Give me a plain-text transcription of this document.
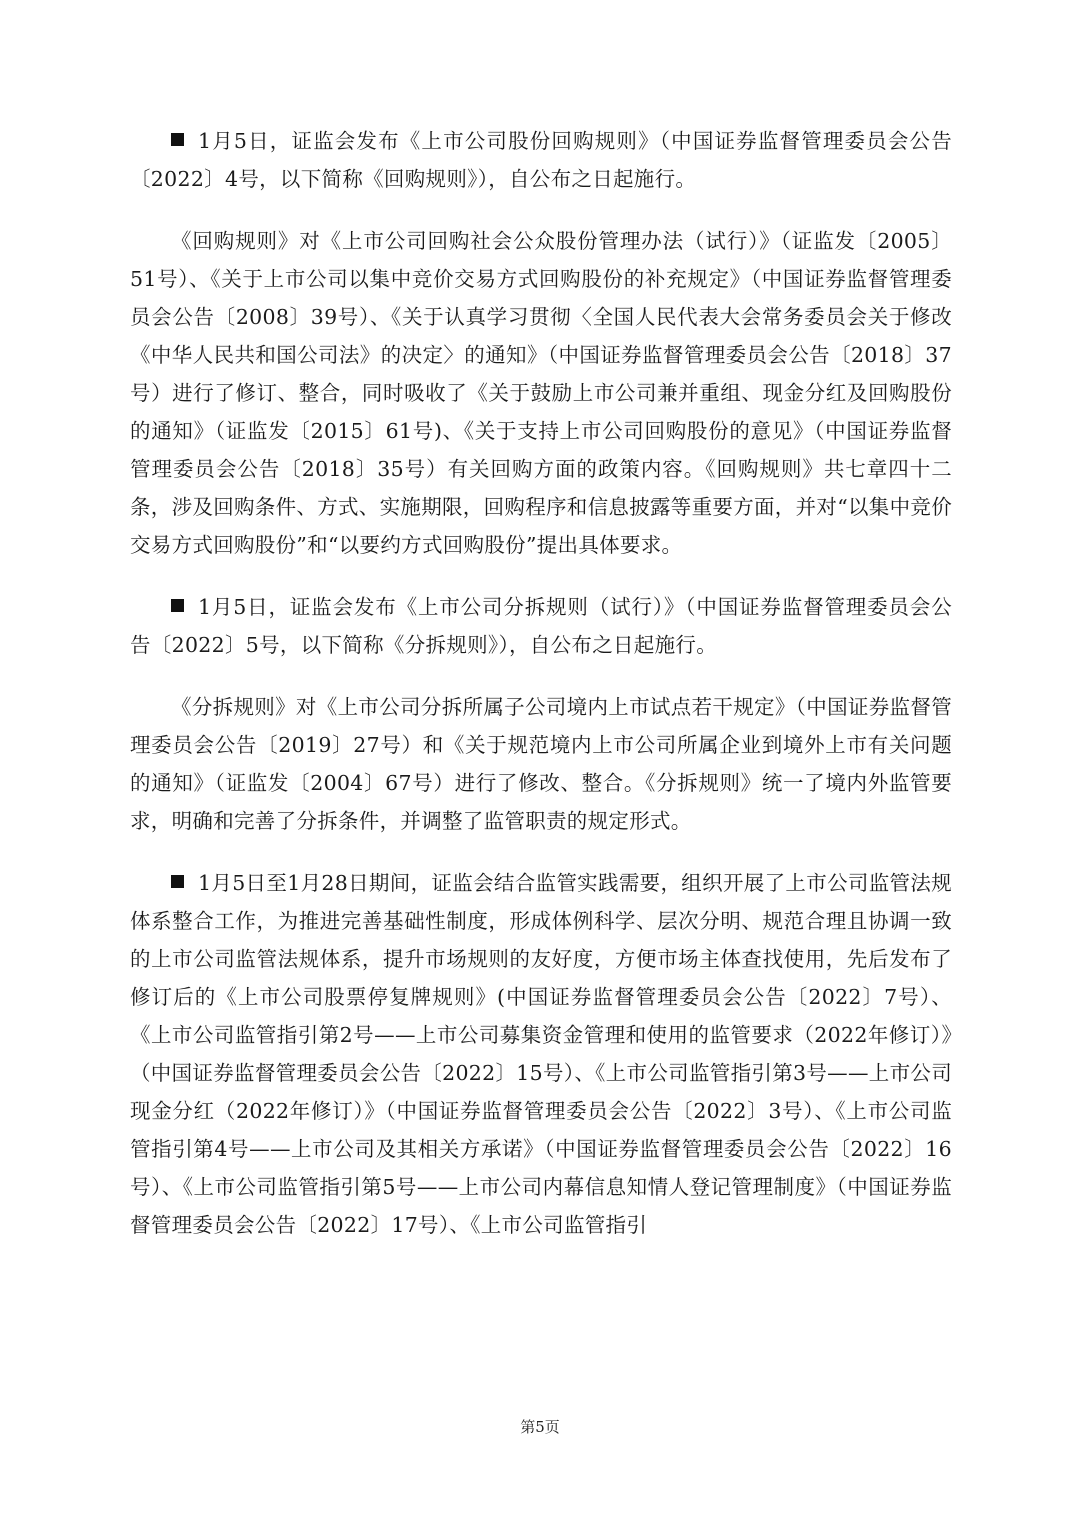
1月5日，证监会发布《上市公司股份回购规则》（中国证券监督管理委员会公告〔2022〕4号，以下简称《回购规则》），自公布之日起施行。

《回购规则》对《上市公司回购社会公众股份管理办法（试行）》（证监发〔2005〕51号）、《关于上市公司以集中竞价交易方式回购股份的补充规定》（中国证券监督管理委员会公告〔2008〕39号）、《关于认真学习贯彻〈全国人民代表大会常务委员会关于修改《中华人民共和国公司法》的决定〉的通知》（中国证券监督管理委员会公告〔2018〕37号）进行了修订、整合，同时吸收了《关于鼓励上市公司兼并重组、现金分红及回购股份的通知》（证监发〔2015〕61号)、《关于支持上市公司回购股份的意见》（中国证券监督管理委员会公告〔2018〕35号）有关回购方面的政策内容。《回购规则》共七章四十二条，涉及回购条件、方式、实施期限，回购程序和信息披露等重要方面，并对“以集中竞价交易方式回购股份”和“以要约方式回购股份”提出具体要求。

1月5日，证监会发布《上市公司分拆规则（试行）》（中国证券监督管理委员会公告〔2022〕5号，以下简称《分拆规则》），自公布之日起施行。

《分拆规则》对《上市公司分拆所属子公司境内上市试点若干规定》（中国证券监督管理委员会公告〔2019〕27号）和《关于规范境内上市公司所属企业到境外上市有关问题的通知》（证监发〔2004〕67号）进行了修改、整合。《分拆规则》统一了境内外监管要求，明确和完善了分拆条件，并调整了监管职责的规定形式。

1月5日至1月28日期间，证监会结合监管实践需要，组织开展了上市公司监管法规体系整合工作，为推进完善基础性制度，形成体例科学、层次分明、规范合理且协调一致的上市公司监管法规体系，提升市场规则的友好度，方便市场主体查找使用，先后发布了修订后的《上市公司股票停复牌规则》(中国证券监督管理委员会公告〔2022〕7号）、《上市公司监管指引第2号——上市公司募集资金管理和使用的监管要求（2022年修订）》（中国证券监督管理委员会公告〔2022〕15号）、《上市公司监管指引第3号——上市公司现金分红（2022年修订）》（中国证券监督管理委员会公告〔2022〕3号）、《上市公司监管指引第4号——上市公司及其相关方承诺》（中国证券监督管理委员会公告〔2022〕16号）、《上市公司监管指引第5号——上市公司内幕信息知情人登记管理制度》（中国证券监督管理委员会公告〔2022〕17号）、《上市公司监管指引

第5页
